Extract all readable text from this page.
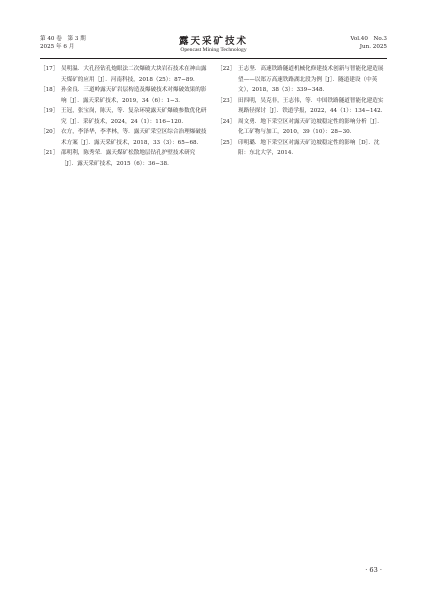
第 40 卷　第 3 期
2025 年 6 月	露天采矿技术
Opencast Mining Technology
Vol.40　No.3
Jun. 2025
［17］ 吴明温．大孔径钻孔炮眼法二次爆破大块岩石技术在神山露天煤矿的应用［J］．河南科技，2018（25）：87−89．
［18］ 孙金良．三道岭露天矿岩层构造及爆破技术对爆破效果的影响［J］．露天采矿技术，2019，34（6）：1−3．
［19］ 王冠，张宝岗，陈天，等．复杂环境露天矿爆破参数优化研究［J］．采矿技术，2024，24（1）：116−120．
［20］ 衣方，李泽华，李孝林，等．露天矿采空区综合治理爆破技术方案［J］．露天采矿技术，2018，33（3）：65−68．
［21］ 邵明利，陈秀荣．露天煤矿松散地层钻孔护壁技术研究［J］．露天采矿技术，2015（6）：36−38．
［22］ 王志坚．高速铁路隧道机械化修建技术创新与智能化建造展望——以郑万高速铁路湖北段为例［J］．隧道建设（中英文），2018，38（3）：339−348．
［23］ 田四明，吴克非，王志伟，等．中国铁路隧道智能化建造实现路径探讨［J］．铁道学报，2022，44（1）：134−142．
［24］ 周文勇．地下采空区对露天矿边坡稳定性的影响分析［J］．化工矿物与加工，2010，39（10）：28−30．
［25］ 印明璐．地下采空区对露天矿边坡稳定性的影响［D］．沈阳：东北大学，2014．
· 63 ·
